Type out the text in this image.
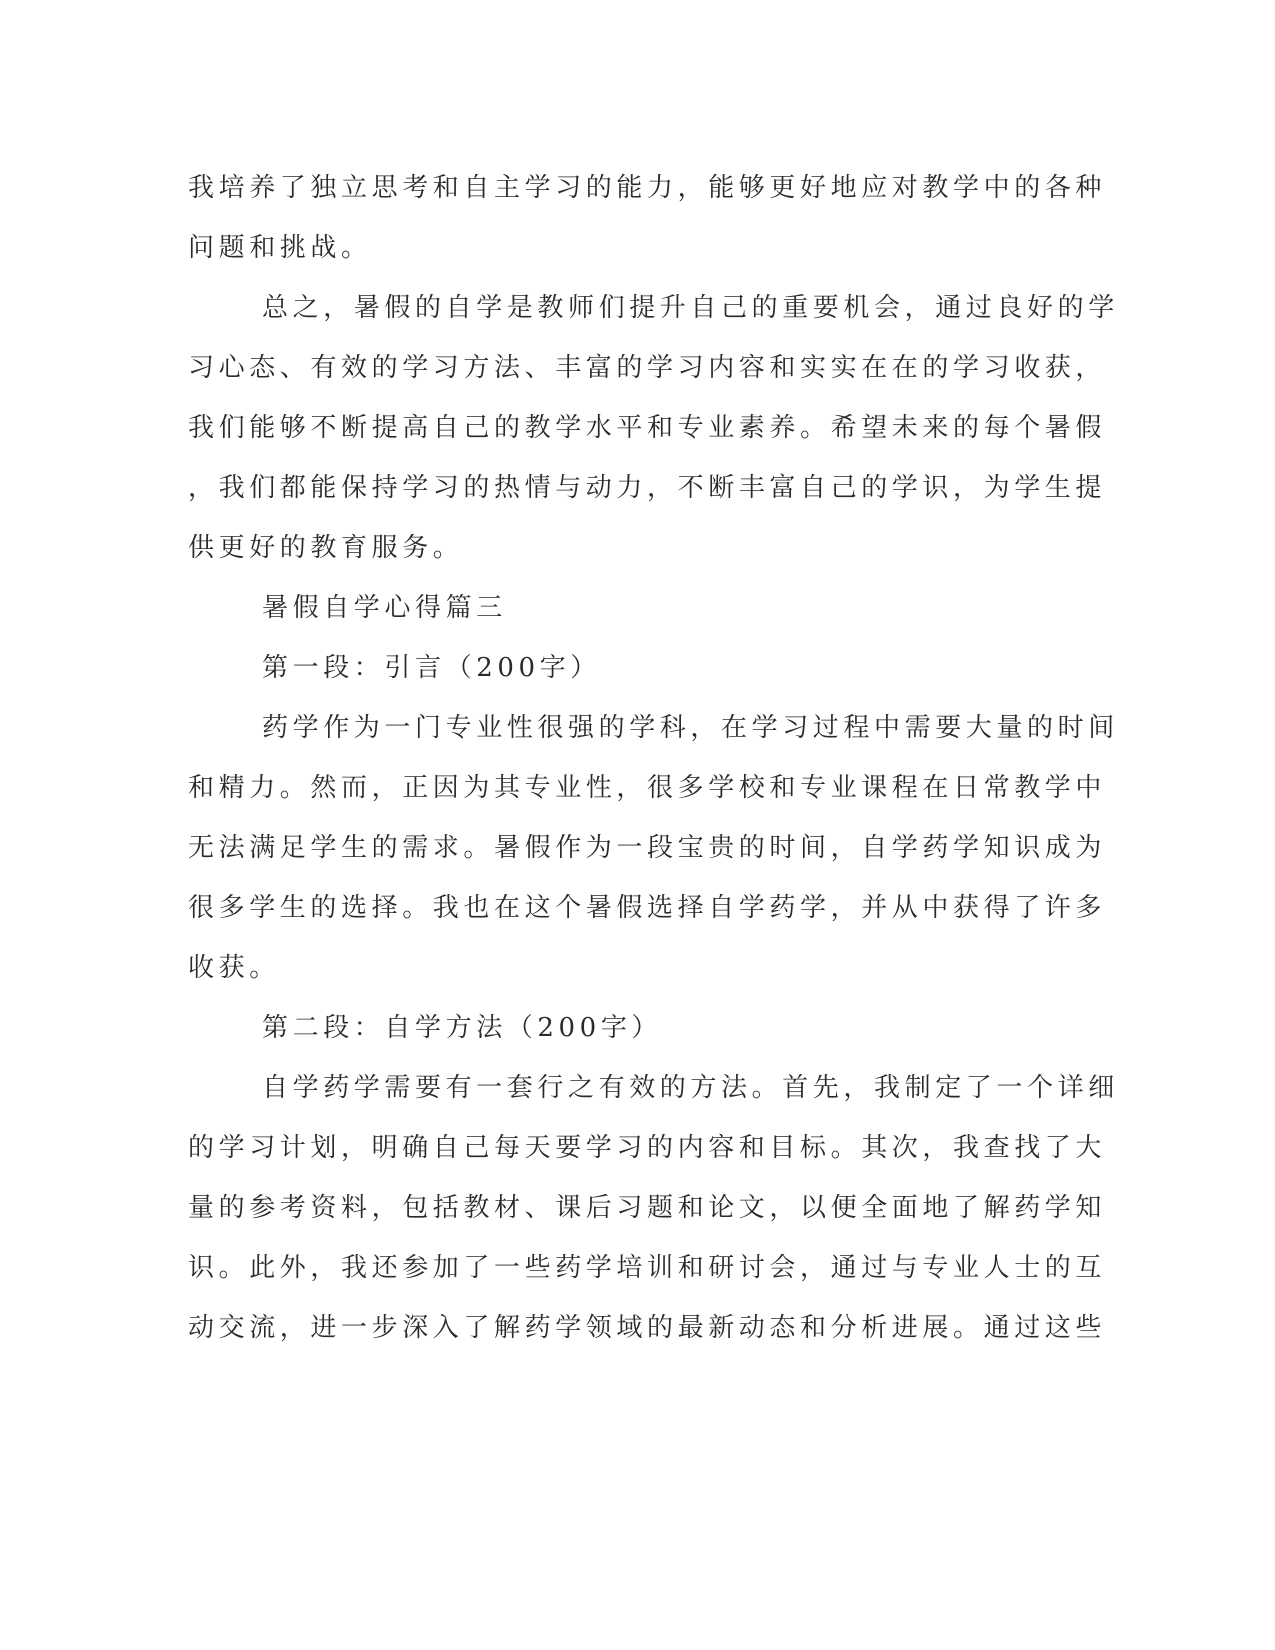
我培养了独立思考和自主学习的能力，能够更好地应对教学中的各种
问题和挑战。
总之，暑假的自学是教师们提升自己的重要机会，通过良好的学
习心态、有效的学习方法、丰富的学习内容和实实在在的学习收获，
我们能够不断提高自己的教学水平和专业素养。希望未来的每个暑假
，我们都能保持学习的热情与动力，不断丰富自己的学识，为学生提
供更好的教育服务。
暑假自学心得篇三
第一段：引言（200字）
药学作为一门专业性很强的学科，在学习过程中需要大量的时间
和精力。然而，正因为其专业性，很多学校和专业课程在日常教学中
无法满足学生的需求。暑假作为一段宝贵的时间，自学药学知识成为
很多学生的选择。我也在这个暑假选择自学药学，并从中获得了许多
收获。
第二段：自学方法（200字）
自学药学需要有一套行之有效的方法。首先，我制定了一个详细
的学习计划，明确自己每天要学习的内容和目标。其次，我查找了大
量的参考资料，包括教材、课后习题和论文，以便全面地了解药学知
识。此外，我还参加了一些药学培训和研讨会，通过与专业人士的互
动交流，进一步深入了解药学领域的最新动态和分析进展。通过这些
